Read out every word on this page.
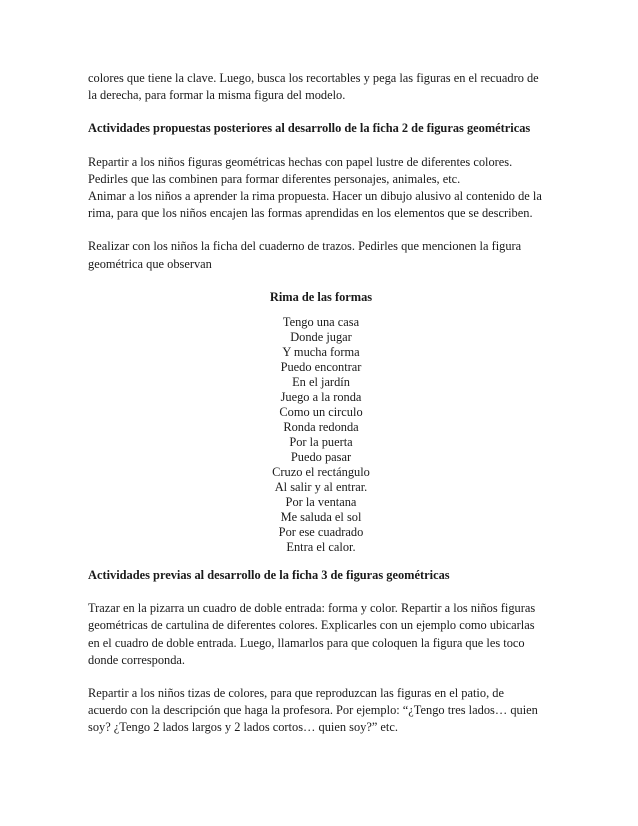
colores que tiene la clave. Luego, busca los recortables y pega las figuras en el recuadro de
la derecha, para formar la misma figura del modelo.

Actividades propuestas posteriores al desarrollo de la ficha 2 de figuras geométricas

Repartir a los niños figuras geométricas hechas con papel lustre de diferentes colores.
Pedirles que las combinen para formar diferentes personajes, animales, etc.
Animar a los niños a aprender la rima propuesta. Hacer un dibujo alusivo al contenido de la
rima, para que los niños encajen las formas aprendidas en los elementos que se describen.

Realizar con los niños la ficha del cuaderno de trazos. Pedirles que mencionen la figura
geométrica que observan

Rima de las formas
Tengo una casa
Donde jugar
Y mucha forma
Puedo encontrar
En el jardín
Juego a la ronda
Como un circulo
Ronda redonda
Por la puerta
Puedo pasar
Cruzo el rectángulo
Al salir y al entrar.
Por la ventana
Me saluda el sol
Por ese cuadrado
Entra el calor.
Actividades previas al desarrollo de la ficha 3 de figuras geométricas

Trazar en la pizarra un cuadro de doble entrada: forma y color. Repartir a los niños figuras
geométricas de cartulina de diferentes colores. Explicarles con un ejemplo como ubicarlas
en el cuadro de doble entrada. Luego, llamarlos para que coloquen la figura que les toco
donde corresponda.

Repartir a los niños tizas de colores, para que reproduzcan las figuras en el patio, de
acuerdo con la descripción que haga la profesora. Por ejemplo: “¿Tengo tres lados… quien
soy? ¿Tengo 2 lados largos y 2 lados cortos… quien soy?” etc.
